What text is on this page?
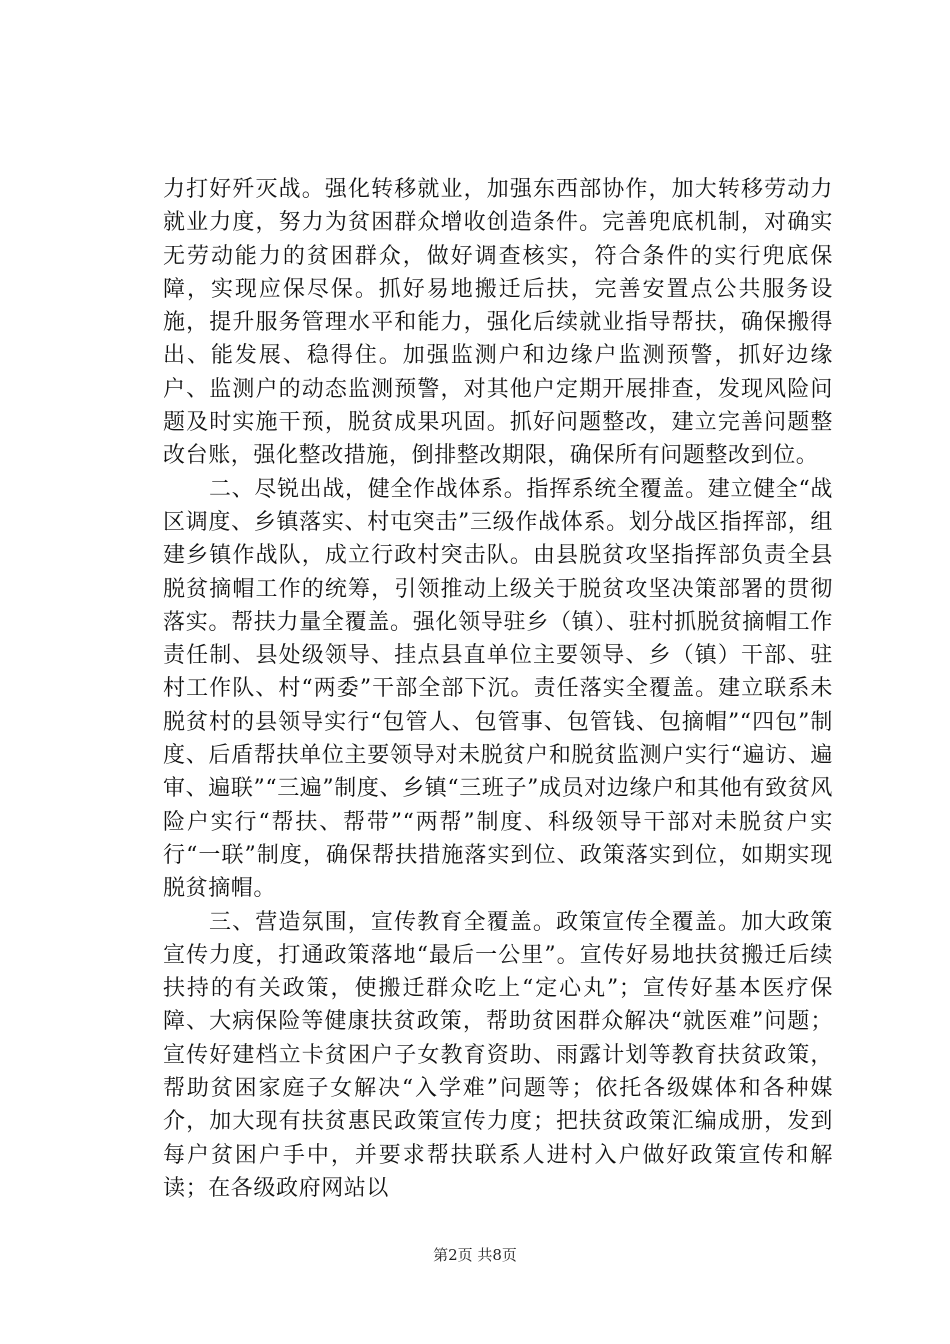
力打好歼灭战。强化转移就业，加强东西部协作，加大转移劳动力就业力度，努力为贫困群众增收创造条件。完善兜底机制，对确实无劳动能力的贫困群众，做好调查核实，符合条件的实行兜底保障，实现应保尽保。抓好易地搬迁后扶，完善安置点公共服务设施，提升服务管理水平和能力，强化后续就业指导帮扶，确保搬得出、能发展、稳得住。加强监测户和边缘户监测预警，抓好边缘户、监测户的动态监测预警，对其他户定期开展排查，发现风险问题及时实施干预，脱贫成果巩固。抓好问题整改，建立完善问题整改台账，强化整改措施，倒排整改期限，确保所有问题整改到位。

二、尽锐出战，健全作战体系。指挥系统全覆盖。建立健全“战区调度、乡镇落实、村屯突击”三级作战体系。划分战区指挥部，组建乡镇作战队，成立行政村突击队。由县脱贫攻坚指挥部负责全县脱贫摘帽工作的统筹，引领推动上级关于脱贫攻坚决策部署的贯彻落实。帮扶力量全覆盖。强化领导驻乡（镇）、驻村抓脱贫摘帽工作责任制、县处级领导、挂点县直单位主要领导、乡（镇）干部、驻村工作队、村“两委”干部全部下沉。责任落实全覆盖。建立联系未脱贫村的县领导实行“包管人、包管事、包管钱、包摘帽”“四包”制度、后盾帮扶单位主要领导对未脱贫户和脱贫监测户实行“遍访、遍审、遍联”“三遍”制度、乡镇“三班子”成员对边缘户和其他有致贫风险户实行“帮扶、帮带”“两帮”制度、科级领导干部对未脱贫户实行“一联”制度，确保帮扶措施落实到位、政策落实到位，如期实现脱贫摘帽。

三、营造氛围，宣传教育全覆盖。政策宣传全覆盖。加大政策宣传力度，打通政策落地“最后一公里”。宣传好易地扶贫搬迁后续扶持的有关政策，使搬迁群众吃上“定心丸”；宣传好基本医疗保障、大病保险等健康扶贫政策，帮助贫困群众解决“就医难”问题；宣传好建档立卡贫困户子女教育资助、雨露计划等教育扶贫政策，帮助贫困家庭子女解决“入学难”问题等；依托各级媒体和各种媒介，加大现有扶贫惠民政策宣传力度；把扶贫政策汇编成册，发到每户贫困户手中，并要求帮扶联系人进村入户做好政策宣传和解读；在各级政府网站以

第2页 共8页
